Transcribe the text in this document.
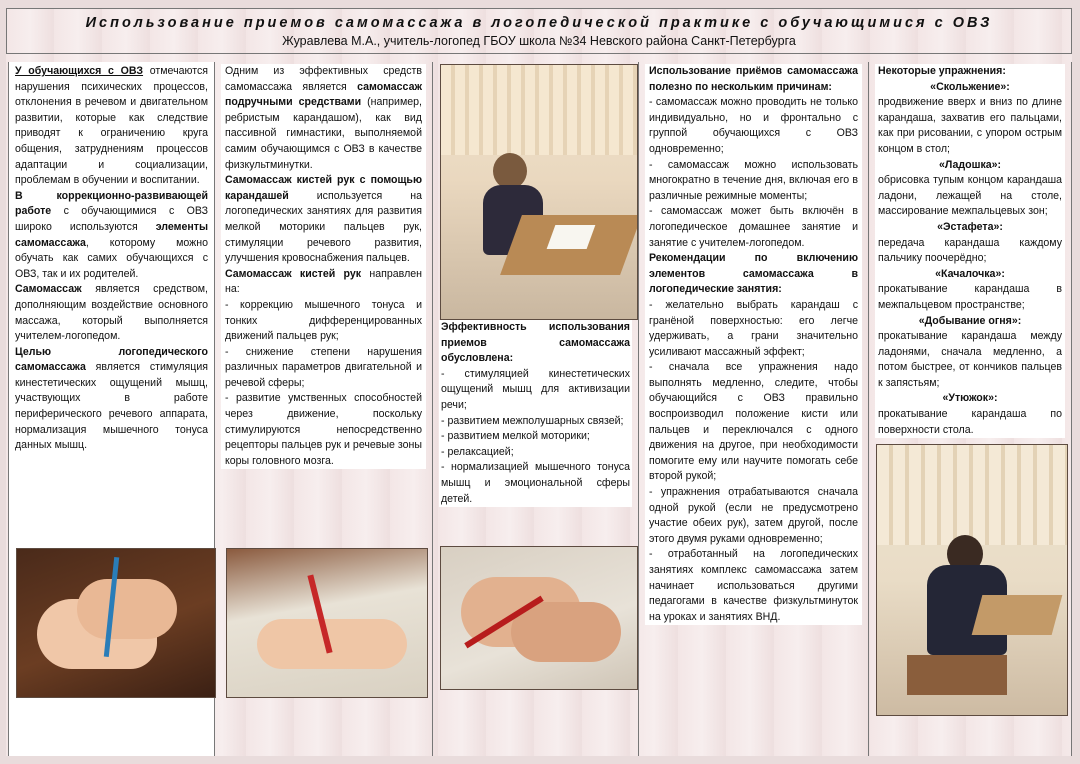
Использование приемов самомассажа в логопедической практике с обучающимися с ОВЗ
Журавлева М.А., учитель-логопед ГБОУ школа №34 Невского района Санкт-Петербурга

У обучающихся с ОВЗ отмечаются нарушения психических процессов, отклонения в речевом и двигательном развитии, которые как следствие приводят к ограничению круга общения, затруднениям процессов адаптации и социализации, проблемам в обучении и воспитании.

В коррекционно-развивающей работе с обучающимися с ОВЗ широко используются элементы самомассажа, которому можно обучать как самих обучающихся с ОВЗ, так и их родителей.

Самомассаж является средством, дополняющим воздействие основного массажа, который выполняется учителем-логопедом.

Целью логопедического самомассажа является стимуляция кинестетических ощущений мышц, участвующих в работе периферического речевого аппарата, нормализация мышечного тонуса данных мышц.

Одним из эффективных средств самомассажа является самомассаж подручными средствами (например, ребристым карандашом), как вид пассивной гимнастики, выполняемой самим обучающимся с ОВЗ в качестве физкультминутки.

Самомассаж кистей рук с помощью карандашей используется на логопедических занятиях для развития мелкой моторики пальцев рук, стимуляции речевого развития, улучшения кровоснабжения пальцев.

Самомассаж кистей рук направлен на:

- коррекцию мышечного тонуса и тонких дифференцированных движений пальцев рук;

- снижение степени нарушения различных параметров двигательной и речевой сферы;

- развитие умственных способностей через движение, поскольку стимулируются непосредственно рецепторы пальцев рук и речевые зоны коры головного мозга.

Эффективность использования приемов самомассажа обусловлена:

- стимуляцией кинестетических ощущений мышц для активизации речи;

- развитием межполушарных связей;

- развитием мелкой моторики;

- релаксацией;

- нормализацией мышечного тонуса мышц и эмоциональной сферы детей.

Использование приёмов самомассажа полезно по нескольким причинам:

- самомассаж можно проводить не только индивидуально, но и фронтально с группой обучающихся с ОВЗ одновременно;

- самомассаж можно использовать многократно в течение дня, включая его в различные режимные моменты;

- самомассаж может быть включён в логопедическое домашнее занятие и занятие с учителем-логопедом.

Рекомендации по включению элементов самомассажа в логопедические занятия:

- желательно выбрать карандаш с гранёной поверхностью: его легче удерживать, а грани значительно усиливают массажный эффект;

- сначала все упражнения надо выполнять медленно, следите, чтобы обучающийся с ОВЗ правильно воспроизводил положение кисти или пальцев и переключался с одного движения на другое, при необходимости помогите ему или научите помогать себе второй рукой;

- упражнения отрабатываются сначала одной рукой (если не предусмотрено участие обеих рук), затем другой, после этого двумя руками одновременно;

- отработанный на логопедических занятиях комплекс самомассажа затем начинает использоваться другими педагогами в качестве физкультминуток на уроках и занятиях ВНД.

Некоторые упражнения:

«Скольжение»:

продвижение вверх и вниз по длине карандаша, захватив его пальцами, как при рисовании, с упором острым концом в стол;

«Ладошка»:

обрисовка тупым концом карандаша ладони, лежащей на столе, массирование межпальцевых зон;

«Эстафета»:

передача карандаша каждому пальчику поочерёдно;

«Качалочка»:

прокатывание карандаша в межпальцевом пространстве;

«Добывание огня»:

прокатывание карандаша между ладонями, сначала медленно, а потом быстрее, от кончиков пальцев к запястьям;

«Утюжок»:

прокатывание карандаша по поверхности стола.
